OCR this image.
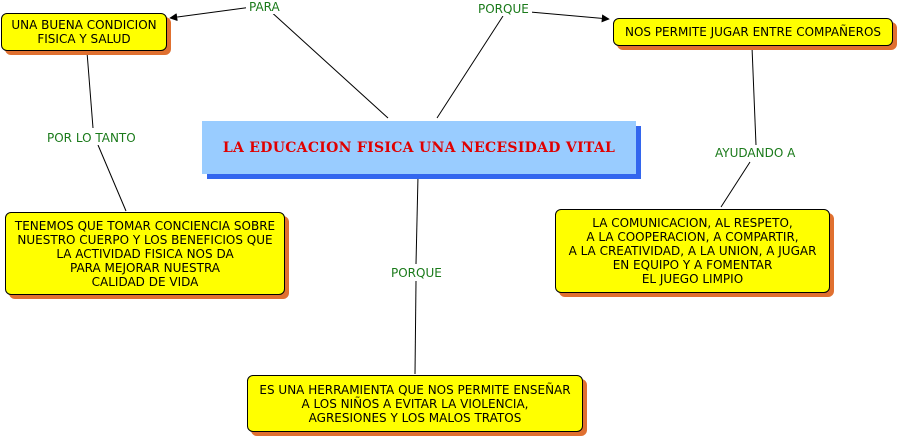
LA EDUCACION FISICA UNA NECESIDAD VITAL
UNA BUENA CONDICION
FISICA Y SALUD	NOS PERMITE JUGAR ENTRE COMPAÑEROS
TENEMOS QUE TOMAR CONCIENCIA SOBRE
NUESTRO CUERPO Y LOS BENEFICIOS QUE
LA ACTIVIDAD FISICA NOS DA
PARA MEJORAR NUESTRA
CALIDAD DE VIDA
LA COMUNICACION, AL RESPETO,
A LA COOPERACION, A COMPARTIR,
A LA CREATIVIDAD, A LA UNION, A JUGAR
EN EQUIPO Y A FOMENTAR
EL JUEGO LIMPIO
ES UNA HERRAMIENTA QUE NOS PERMITE ENSEÑAR
A LOS NIÑOS A EVITAR LA VIOLENCIA,
AGRESIONES Y LOS MALOS TRATOS
PARA	PORQUE
POR LO TANTO
AYUDANDO A
PORQUE
